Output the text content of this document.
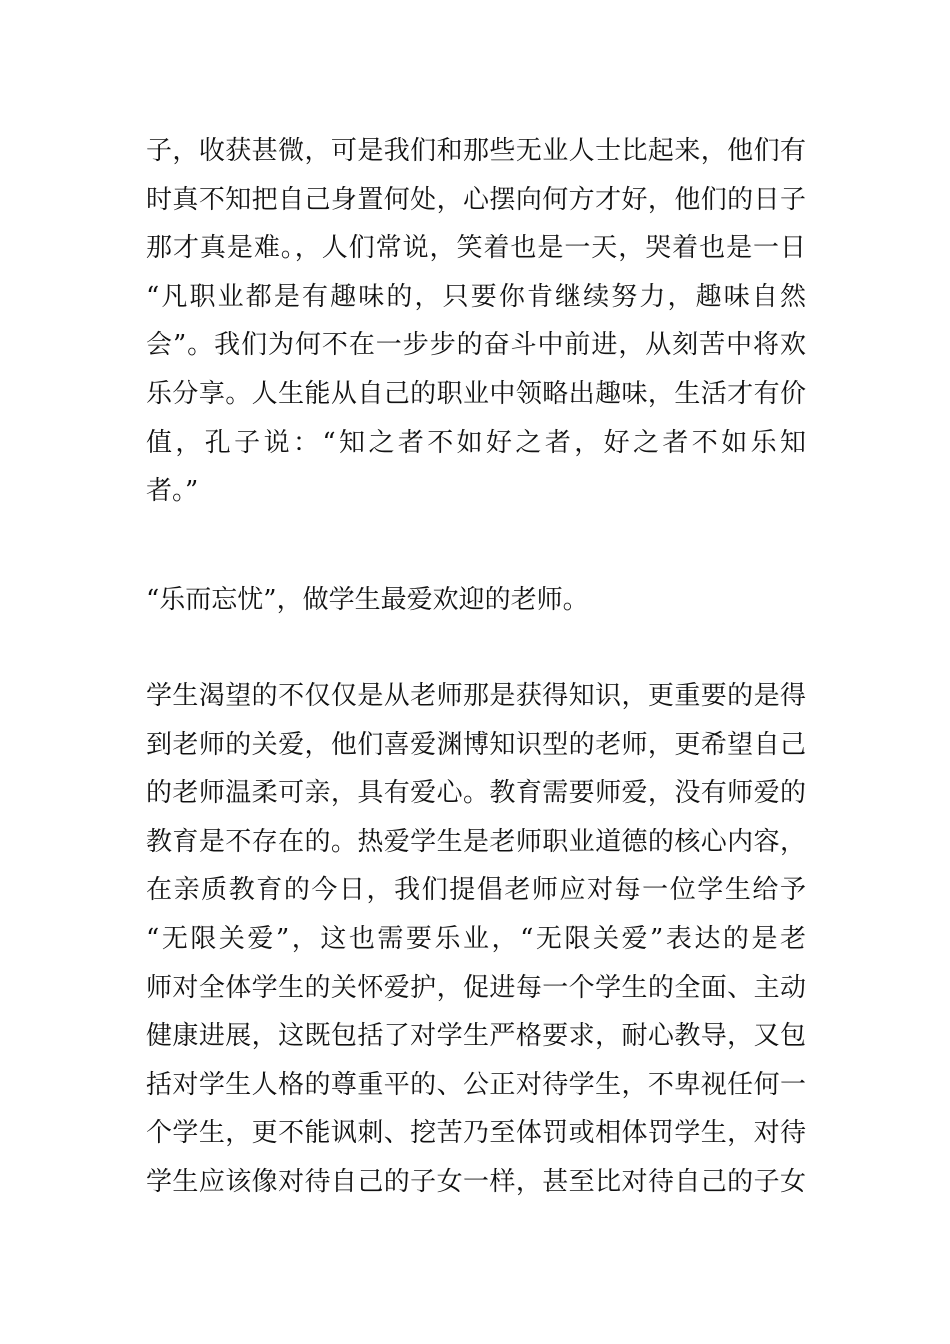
子，收获甚微，可是我们和那些无业人士比起来，他们有
时真不知把自己身置何处，心摆向何方才好，他们的日子
那才真是难。，人们常说，笑着也是一天，哭着也是一日
“凡职业都是有趣味的，只要你肯继续努力，趣味自然
会”。我们为何不在一步步的奋斗中前进，从刻苦中将欢
乐分享。人生能从自己的职业中领略出趣味，生活才有价
值，孔子说：“知之者不如好之者，好之者不如乐知
者。”
“乐而忘忧”，做学生最爱欢迎的老师。
学生渴望的不仅仅是从老师那是获得知识，更重要的是得
到老师的关爱，他们喜爱渊博知识型的老师，更希望自己
的老师温柔可亲，具有爱心。教育需要师爱，没有师爱的
教育是不存在的。热爱学生是老师职业道德的核心内容，
在亲质教育的今日，我们提倡老师应对每一位学生给予
“无限关爱”，这也需要乐业，“无限关爱”表达的是老
师对全体学生的关怀爱护，促进每一个学生的全面、主动
健康进展，这既包括了对学生严格要求，耐心教导，又包
括对学生人格的尊重平的、公正对待学生，不卑视任何一
个学生，更不能讽刺、挖苦乃至体罚或相体罚学生，对待
学生应该像对待自己的子女一样，甚至比对待自己的子女
